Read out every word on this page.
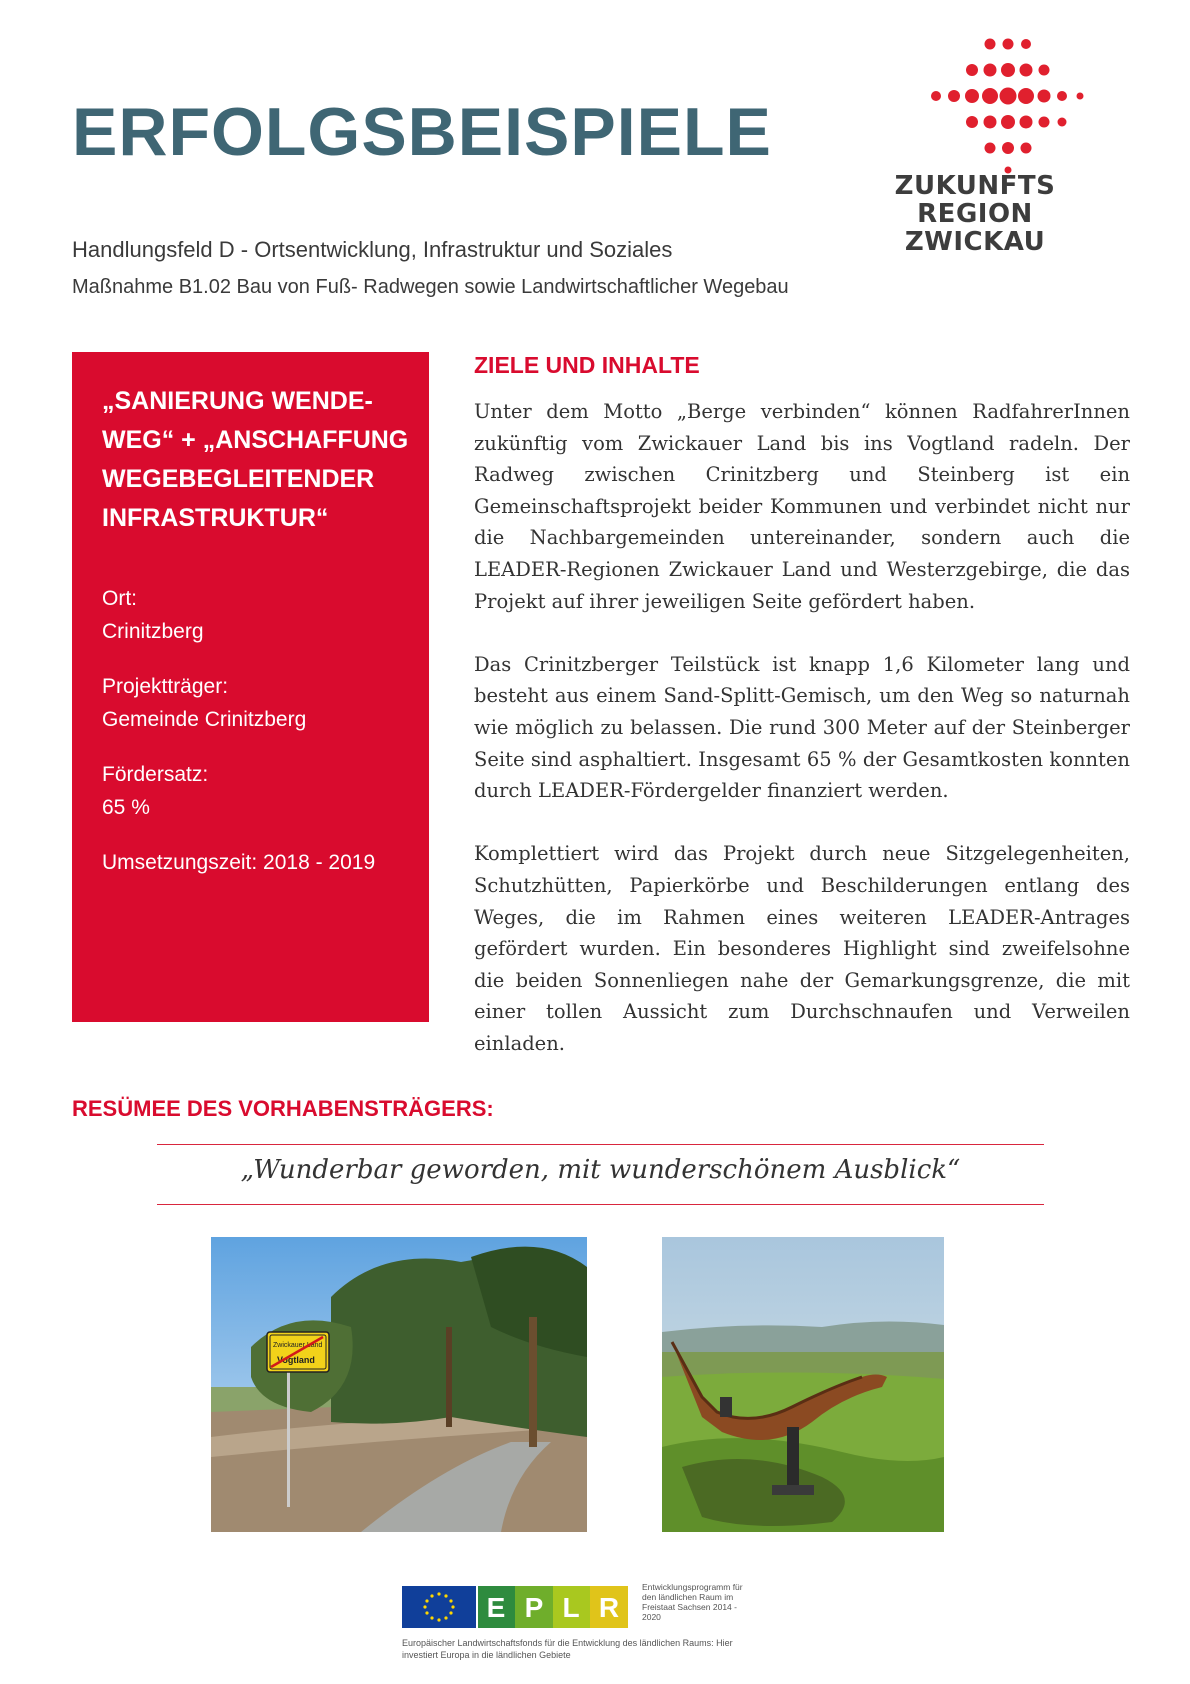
ERFOLGSBEISPIELE
Handlungsfeld D - Ortsentwicklung, Infrastruktur und Soziales
Maßnahme B1.02 Bau von Fuß- Radwegen sowie Landwirtschaftlicher Wegebau
ZUKUNFTS
REGION
ZWICKAU
„SANIERUNG WENDE-WEG“ + „ANSCHAFFUNG WEGEBEGLEITENDER INFRASTRUKTUR“
Ort:
Crinitzberg
Projektträger:
Gemeinde Crinitzberg
Fördersatz:
65 %
Umsetzungszeit: 2018 - 2019
ZIELE UND INHALTE

Unter dem Motto „Berge verbinden“ können RadfahrerInnen zukünftig vom Zwickauer Land bis ins Vogtland radeln. Der Radweg zwischen Crinitzberg und Steinberg ist ein Gemeinschaftsprojekt beider Kommunen und verbindet nicht nur die Nachbargemeinden untereinander, sondern auch die LEADER-Regionen Zwickauer Land und Westerzgebirge, die das Projekt auf ihrer jeweiligen Seite gefördert haben.

Das Crinitzberger Teilstück ist knapp 1,6 Kilometer lang und besteht aus einem Sand-Splitt-Gemisch, um den Weg so naturnah wie möglich zu belassen. Die rund 300 Meter auf der Steinberger Seite sind asphaltiert. Insgesamt 65 % der Gesamtkosten konnten durch LEADER-Fördergelder finanziert werden.

Komplettiert wird das Projekt durch neue Sitzgelegenheiten, Schutzhütten, Papierkörbe und Beschilderungen entlang des Weges, die im Rahmen eines weiteren LEADER-Antrages gefördert wurden. Ein besonderes Highlight sind zweifelsohne die beiden Sonnenliegen nahe der Gemarkungsgrenze, die mit einer tollen Aussicht zum Durchschnaufen und Verweilen einladen.

RESÜMEE DES VORHABENSTRÄGERS:
„Wunderbar geworden, mit wunderschönem Ausblick“
Zwickauer Land
Vogtland
E P L R
Entwicklungsprogramm für den ländlichen Raum im Freistaat Sachsen 2014 - 2020
Europäischer Landwirtschaftsfonds für die Entwicklung des ländlichen Raums: Hier investiert Europa in die ländlichen Gebiete
